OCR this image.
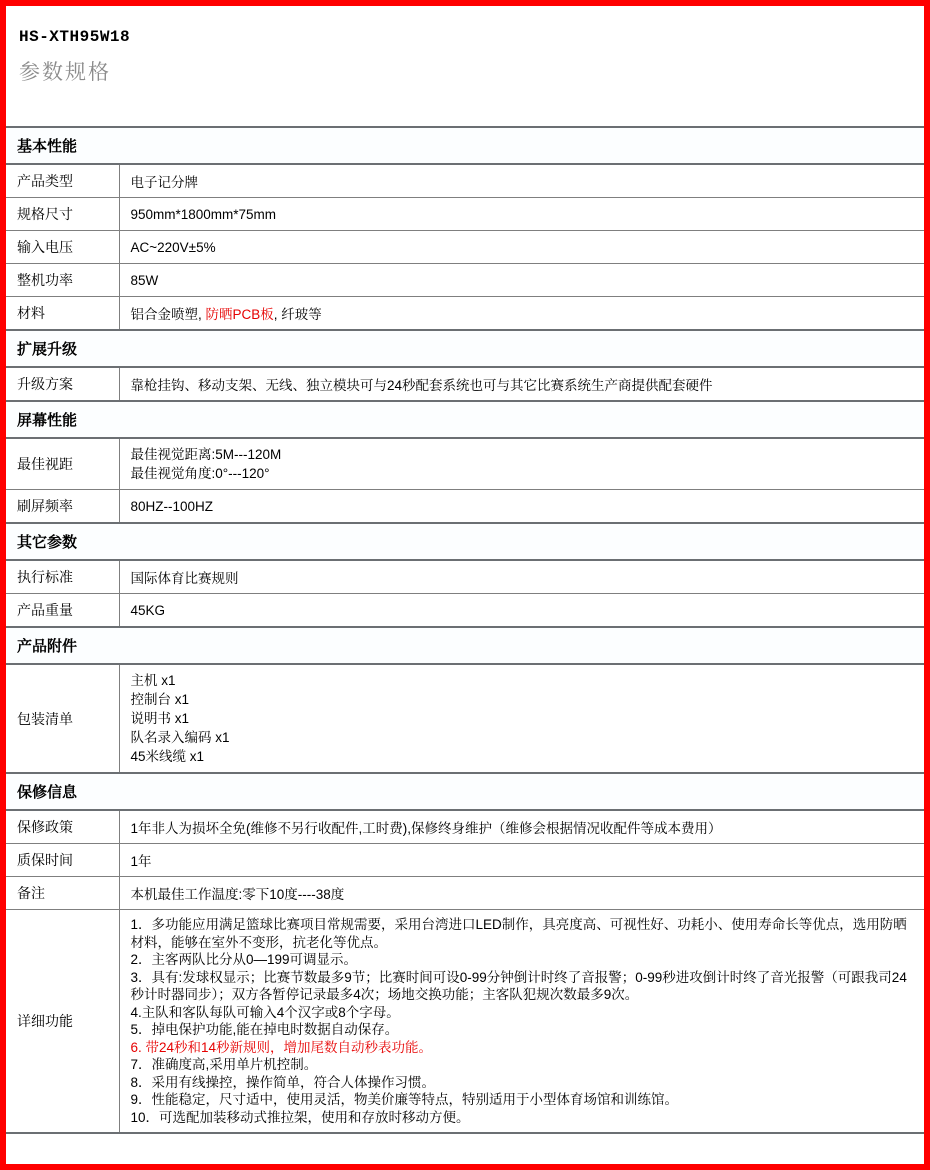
HS-XTH95W18
参数规格
基本性能	
产品类型	电子记分牌
规格尺寸	950mm*1800mm*75mm
输入电压	AC~220V±5%
整机功率	85W
材料	铝合金喷塑, 防晒PCB板, 纤玻等
扩展升级	
升级方案	靠枪挂钩、移动支架、无线、独立模块可与24秒配套系统也可与其它比赛系统生产商提供配套硬件
屏幕性能	
最佳视距	最佳视觉距离:5M---120M
最佳视觉角度:0°---120°

刷屏频率	80HZ--100HZ
其它参数	
执行标准	国际体育比赛规则
产品重量	45KG
产品附件	
包装清单	主机 x1
控制台 x1
说明书 x1
队名录入编码 x1
45米线缆 x1

保修信息	
保修政策	1年非人为损坏全免(维修不另行收配件,工时费),保修终身维护（维修会根据情况收配件等成本费用）
质保时间	1年
备注	本机最佳工作温度:零下10度----38度
详细功能	
1．多功能应用满足篮球比赛项目常规需要，采用台湾进口LED制作，具亮度高、可视性好、功耗小、使用寿命长等优点，选用防晒材料，能够在室外不变形，抗老化等优点。
2．主客两队比分从0—199可调显示。
3．具有:发球权显示；比赛节数最多9节；比赛时间可设0-99分钟倒计时终了音报警；0-99秒进攻倒计时终了音光报警（可跟我司24秒计时器同步）；双方各暂停记录最多4次；场地交换功能；主客队犯规次数最多9次。
4.主队和客队每队可输入4个汉字或8个字母。
5．掉电保护功能,能在掉电时数据自动保存。
6. 带24秒和14秒新规则，增加尾数自动秒表功能。
7．准确度高,采用单片机控制。
8．采用有线操控，操作简单，符合人体操作习惯。
9．性能稳定，尺寸适中，使用灵活，物美价廉等特点，特别适用于小型体育场馆和训练馆。
10．可选配加装移动式推拉架，使用和存放时移动方便。
